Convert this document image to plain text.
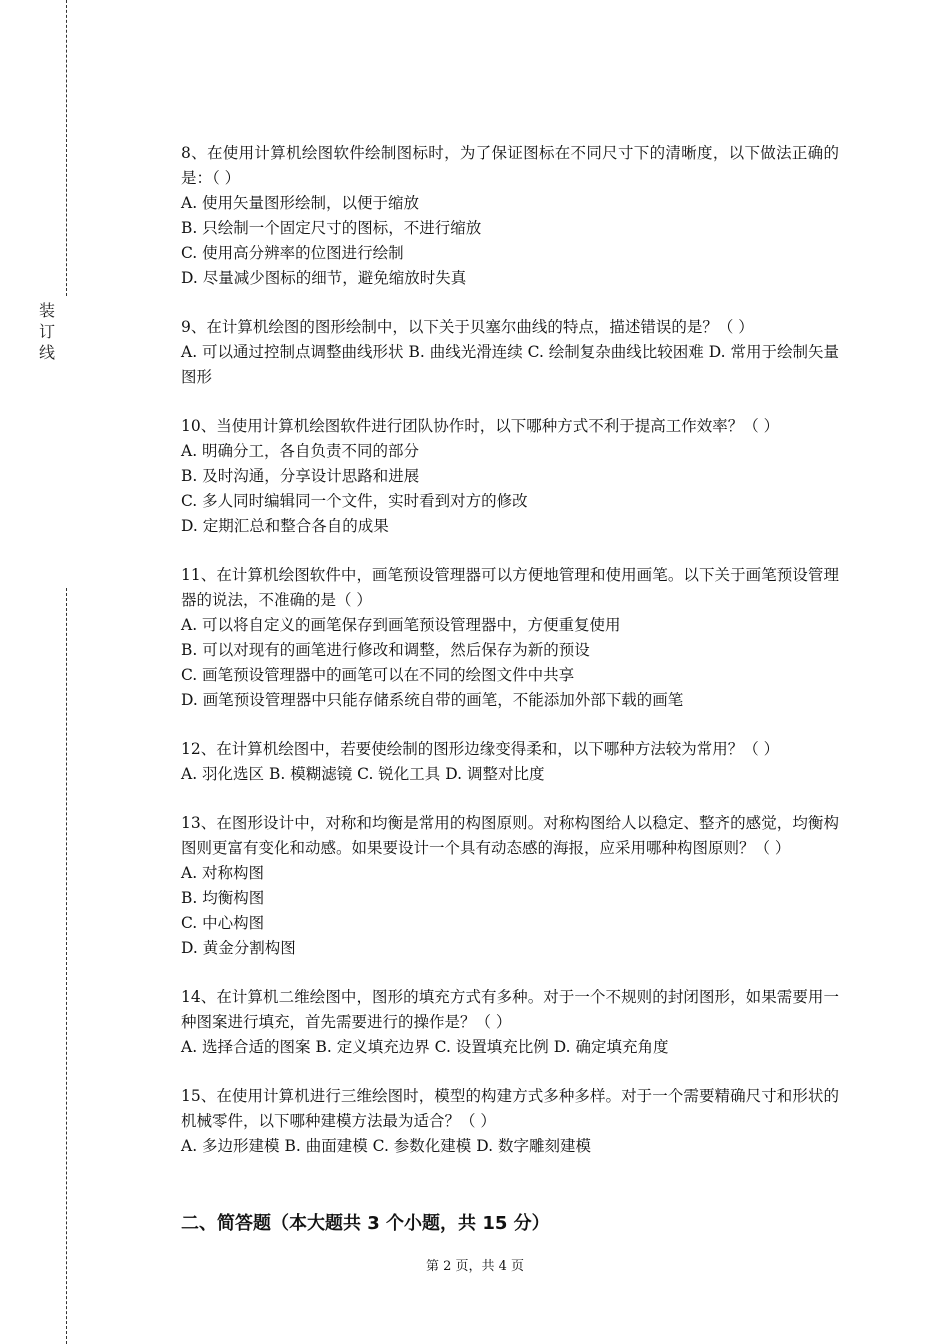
装
订
线

8、在使用计算机绘图软件绘制图标时，为了保证图标在不同尺寸下的清晰度，以下做法正确的是：（ ）

A. 使用矢量图形绘制，以便于缩放

B. 只绘制一个固定尺寸的图标，不进行缩放

C. 使用高分辨率的位图进行绘制

D. 尽量减少图标的细节，避免缩放时失真

9、在计算机绘图的图形绘制中，以下关于贝塞尔曲线的特点，描述错误的是？（ ）

A. 可以通过控制点调整曲线形状 B. 曲线光滑连续 C. 绘制复杂曲线比较困难 D. 常用于绘制矢量图形

10、当使用计算机绘图软件进行团队协作时，以下哪种方式不利于提高工作效率？（ ）

A. 明确分工，各自负责不同的部分

B. 及时沟通，分享设计思路和进展

C. 多人同时编辑同一个文件，实时看到对方的修改

D. 定期汇总和整合各自的成果

11、在计算机绘图软件中，画笔预设管理器可以方便地管理和使用画笔。以下关于画笔预设管理器的说法，不准确的是（ ）

A. 可以将自定义的画笔保存到画笔预设管理器中，方便重复使用

B. 可以对现有的画笔进行修改和调整，然后保存为新的预设

C. 画笔预设管理器中的画笔可以在不同的绘图文件中共享

D. 画笔预设管理器中只能存储系统自带的画笔，不能添加外部下载的画笔

12、在计算机绘图中，若要使绘制的图形边缘变得柔和，以下哪种方法较为常用？（ ）

A. 羽化选区 B. 模糊滤镜 C. 锐化工具 D. 调整对比度

13、在图形设计中，对称和均衡是常用的构图原则。对称构图给人以稳定、整齐的感觉，均衡构图则更富有变化和动感。如果要设计一个具有动态感的海报，应采用哪种构图原则？（ ）

A. 对称构图

B. 均衡构图

C. 中心构图

D. 黄金分割构图

14、在计算机二维绘图中，图形的填充方式有多种。对于一个不规则的封闭图形，如果需要用一种图案进行填充，首先需要进行的操作是？（ ）

A. 选择合适的图案 B. 定义填充边界 C. 设置填充比例 D. 确定填充角度

15、在使用计算机进行三维绘图时，模型的构建方式多种多样。对于一个需要精确尺寸和形状的机械零件，以下哪种建模方法最为适合？（ ）

A. 多边形建模 B. 曲面建模 C. 参数化建模 D. 数字雕刻建模

二、简答题（本大题共 3 个小题，共 15 分）
第 2 页，共 4 页
